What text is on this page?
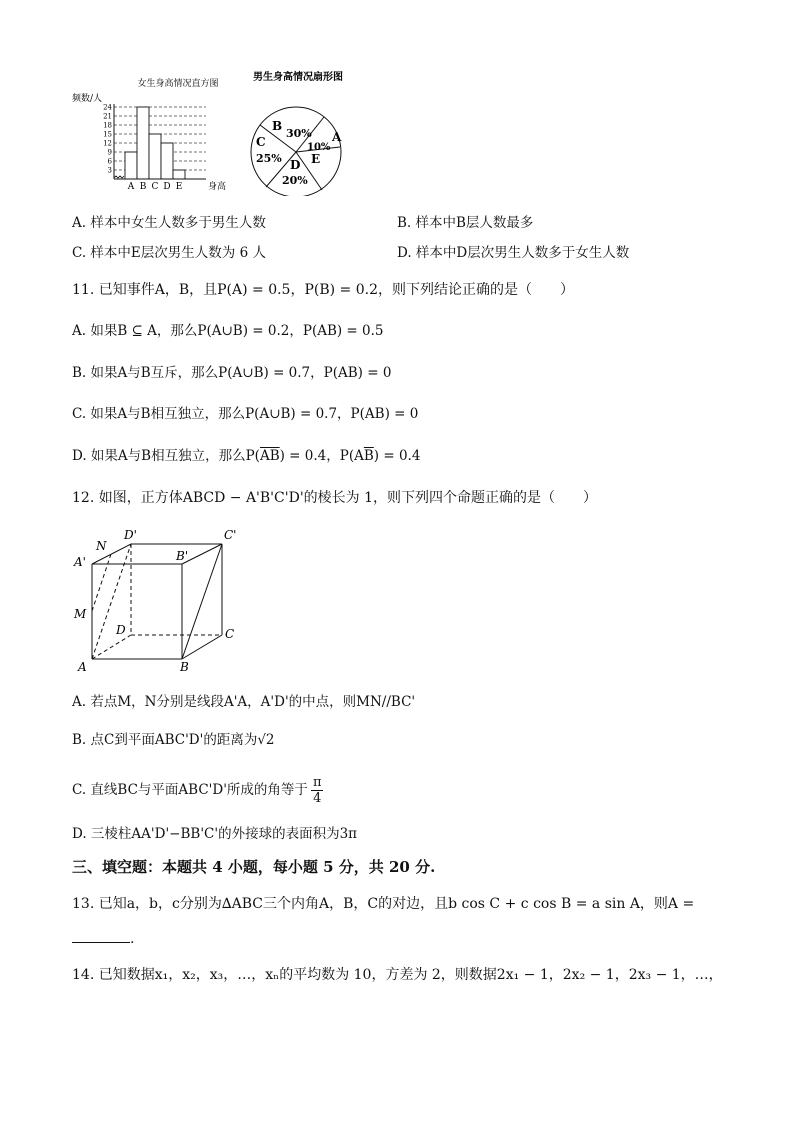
女生身高情况直方图
频数/人
24
21
18
15
12
9
6
3
A B C D E	身高
男生身高情况扇形图
A
B
C
D E
30%
10%
25%
20%
A. 样本中女生人数多于男生人数	B. 样本中B层人数最多
C. 样本中E层次男生人数为 6 人	D. 样本中D层次男生人数多于女生人数
11. 已知事件A，B，且P(A) = 0.5，P(B) = 0.2，则下列结论正确的是（　　）
A. 如果B ⊆ A，那么P(A∪B) = 0.2，P(AB) = 0.5
B. 如果A与B互斥，那么P(A∪B) = 0.7，P(AB) = 0
C. 如果A与B相互独立，那么P(A∪B) = 0.7，P(AB) = 0
D. 如果A与B相互独立，那么$P(\overline{AB}) = 0.4$，$P(A\overline{B}) = 0.4$
12. 如图，正方体ABCD − A'B'C'D'的棱长为 1，则下列四个命题正确的是（　　）
D'	C'
N
B'
A'
M
D	C
A	B
A. 若点M，N分别是线段A'A，A'D'的中点，则MN//BC'
B. 点C到平面ABC'D'的距离为√2
C. 直线BC与平面ABC'D'所成的角等于 $\frac{\pi}{4}$
D. 三棱柱AA'D'−BB'C'的外接球的表面积为3π
三、填空题：本题共 4 小题，每小题 5 分，共 20 分.
13. 已知a，b，c分别为∆ABC三个内角A，B，C的对边，且b cos C + c cos B = a sin A，则A =
.
14. 已知数据x₁，x₂，x₃，…，xₙ的平均数为 10，方差为 2，则数据2x₁ − 1，2x₂ − 1，2x₃ − 1，…，
